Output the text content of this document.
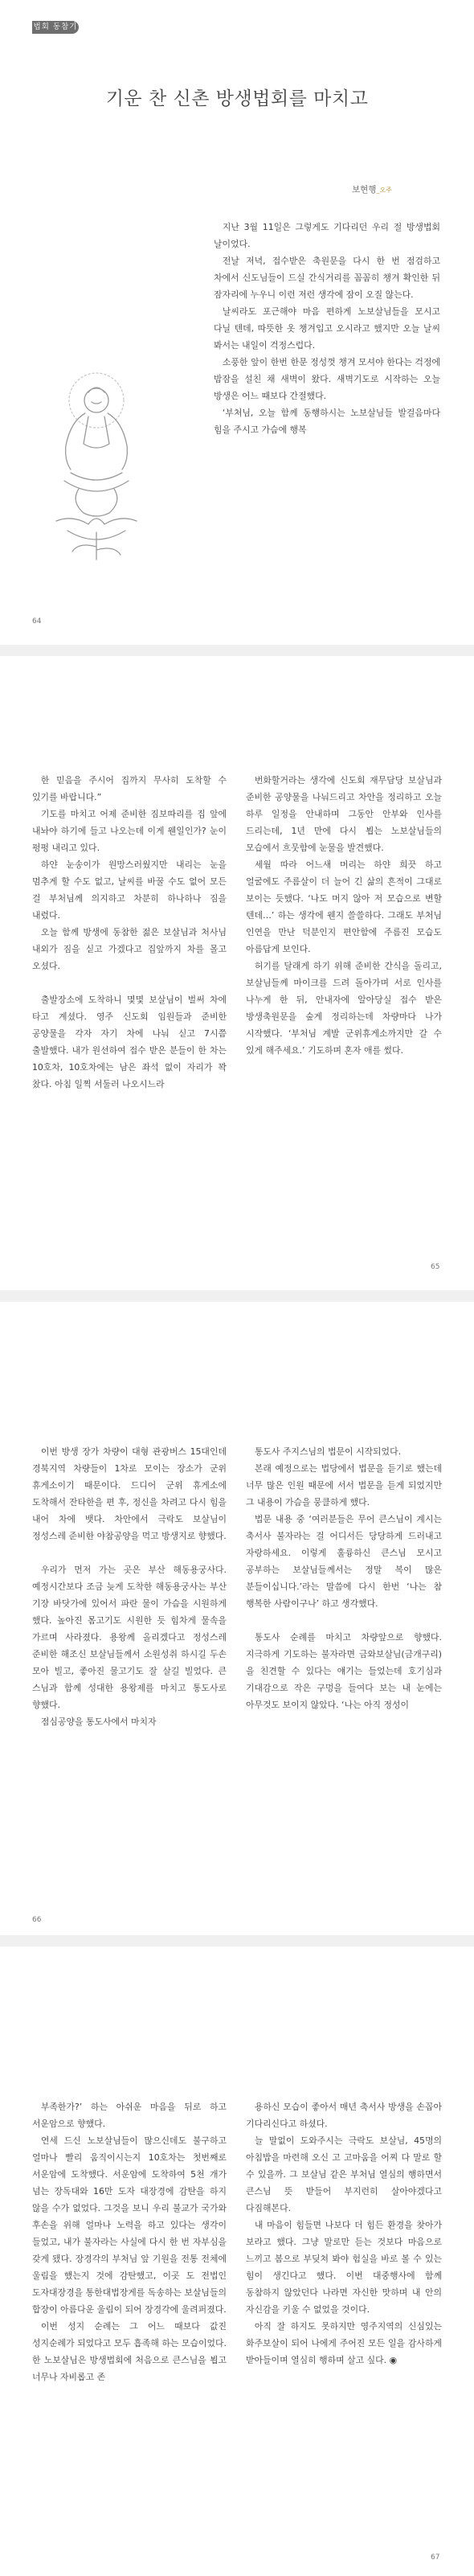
법회 동참기
기운 찬 신촌 방생법회를 마치고
보현행_오주

지난 3월 11일은 그렇게도 기다리던 우리 절 방생법회 날이었다.

전날 저녁, 접수받은 축원문을 다시 한 번 점검하고 차에서 신도님들이 드실 간식거리를 꼼꼼히 챙겨 확인한 뒤 잠자리에 누우니 이런 저런 생각에 잠이 오질 않는다.

날씨라도 포근해야 마음 편하게 노보살님들을 모시고 다닐 텐데, 따뜻한 옷 챙겨입고 오시라고 했지만 오늘 날씨 봐서는 내일이 걱정스럽다.

소풍한 앞이 한번 한문 정성껏 챙겨 모셔야 한다는 걱정에 밤잠을 설친 채 새벽이 왔다. 새벽기도로 시작하는 오늘 방생은 어느 때보다 간절했다.

‘부처님, 오늘 함께 동행하시는 노보살님들 발걸음마다 힘을 주시고 가슴에 행복

64

한 믿음을 주시어 집까지 무사히 도착할 수 있기를 바랍니다.”

기도를 마치고 어제 준비한 짐보따리를 집 앞에 내놔야 하기에 들고 나오는데 이게 웬일인가? 눈이 펑펑 내리고 있다.

하얀 눈송이가 원망스러웠지만 내리는 눈을 멈추게 할 수도 없고, 날씨를 바꿀 수도 없어 모든 걸 부처님께 의지하고 차분히 하나하나 짐을 내렸다.

오늘 함께 방생에 동참한 젊은 보살님과 처사님 내외가 짐을 싣고 가겠다고 집앞까지 차를 몰고 오셨다.

출발장소에 도착하니 몇몇 보살님이 벌써 차에 타고 계셨다. 영주 신도회 임원들과 준비한 공양물을 각자 자기 차에 나눠 싣고 7시쯤 출발했다. 내가 원선하여 접수 받은 분들이 한 차는 10호차, 10호차에는 남은 좌석 없이 자리가 꽉 찼다. 아침 일찍 서둘러 나오시느라

번화할거라는 생각에 신도회 재무담당 보살님과 준비한 공양물을 나눠드리고 차안을 정리하고 오늘 하루 일정을 안내하며 그동안 안부와 인사를 드리는데, 1년 만에 다시 뵙는 노보살님들의 모습에서 흐뭇함에 눈물을 발견했다.

세월 따라 어느새 머리는 하얀 희끗 하고 얼굴에도 주름살이 더 늘어 긴 삶의 흔적이 그대로 보이는 듯했다. ‘나도 머지 않아 저 모습으로 변할 텐데…’ 하는 생각에 웬지 쓸쓸하다. 그래도 부처님 인연을 만난 덕분인지 편안함에 주름진 모습도 아름답게 보인다.

허기를 달래게 하기 위해 준비한 간식을 돌리고, 보살님들께 마이크를 드려 돌아가며 서로 인사를 나누게 한 뒤, 안내자에 알아당실 접수 받은 방생축원문을 숲게 정리하는데 차량마다 나가 시작했다. ‘부처님 계발 군위휴게소까지만 갈 수 있게 해주세요.’ 기도하며 혼자 애를 썼다.

65

이번 방생 장가 차량이 대형 관광버스 15대인데 경북지역 차량들이 1차로 모이는 장소가 군위 휴게소이기 때문이다. 드디어 군위 휴게소에 도착해서 잔타한을 편 후, 정신을 차려고 다시 힘을 내어 차에 뱃다. 차안에서 극락도 보살님이 정성스레 준비한 야참공양을 먹고 방생지로 향했다.

우리가 먼저 가는 곳은 부산 해동용궁사다. 예정시간보다 조금 늦게 도착한 해동용궁사는 부산 기장 바닷가에 있어서 파란 물이 가슴을 시원하게 했다. 높아진 몸고기도 시원한 듯 힘차게 물속을 가르며 사라졌다. 용왕께 올리겠다고 정성스레 준비한 해조신 보살님들께서 소원성취 하시길 두손 모아 빌고, 좋아진 물고기도 잘 살길 빌었다. 큰 스님과 함께 성대한 용왕제를 마치고 통도사로 향했다.

점심공양을 통도사에서 마치자

통도사 주지스님의 법문이 시작되었다.

본래 예정으로는 법당에서 법문을 듣기로 했는데 너무 많은 인원 때문에 서서 법문을 듣게 되었지만 그 내용이 가슴을 뭉클하게 했다.

법문 내용 중 ‘여러분들은 무어 큰스님이 계시는 축서사 불자라는 걸 어디서든 당당하게 드러내고 자랑하세요. 이렇게 훌륭하신 큰스님 모시고 공부하는 보살님들께서는 정말 복이 많은 분들이십니다.’라는 말씀에 다시 한번 ‘나는 참 행복한 사람이구나’ 하고 생각했다.

통도사 순례를 마치고 차량앞으로 향했다. 지극하게 기도하는 불자라면 금와보살님(금개구리)을 친견할 수 있다는 얘기는 들었는데 호기심과 기대감으로 작은 구멍을 들여다 보는 내 눈에는 아무것도 보이지 않았다. ‘나는 아직 정성이

66

부족한가?’ 하는 아쉬운 마음을 뒤로 하고 서운암으로 향했다.

연세 드신 노보살님들이 많으신데도 불구하고 얼마나 빨리 움직이시는지 10호차는 첫번째로 서운암에 도착했다. 서운암에 도착하여 5천 개가 넘는 장독대와 16만 도자 대장경에 감탄을 하지 않을 수가 없었다. 그것을 보니 우리 불교가 국가와 후손을 위해 얼마나 노력을 하고 있다는 생각이 들었고, 내가 불자라는 사실에 다시 한 번 자부심을 갖게 됐다. 장경각의 부처님 앞 기원을 전통 전체에 울림을 했는지 것에 감탄했고, 이곳 도 전법인 도자대장경을 통한대법장게를 독송하는 보살님들의 합장이 아름다운 울림이 되어 장경각에 울려퍼졌다.

이번 성지 순례는 그 어느 때보다 값진 성지순례가 되었다고 모두 흡족해 하는 모습이었다. 한 노보살님은 방생법회에 처음으로 큰스님을 뵙고 너무나 자비롭고 존

용하신 모습이 좋아서 매년 축서사 방생을 손꼽아 기다리신다고 하셨다.

늘 말없이 도와주시는 극락도 보살님, 45명의 아침밥을 마련해 오신 고 고마움을 어찌 다 말로 할 수 있을까. 그 보살님 같은 부처님 열심의 행하면서 큰스님 뜻 받들어 부지런히 살아야겠다고 다짐해본다.

내 마음이 힘들면 나보다 더 힘든 환경을 찾아가 보라고 했다. 그냥 말로만 듣는 것보다 마음으로 느끼고 봄으로 부딪쳐 봐야 험실을 바로 볼 수 있는 힘이 생긴다고 했다. 이번 대중행사에 함께 동참하지 않았던다 나라면 자신한 맛하며 내 안의 자신감을 키울 수 없었을 것이다.

아직 잘 하지도 못하지만 영주지역의 신심있는 화주보살이 되어 나에게 주어진 모든 일을 감사하게 받아들이며 열심히 행하며 살고 싶다. ◉

67
